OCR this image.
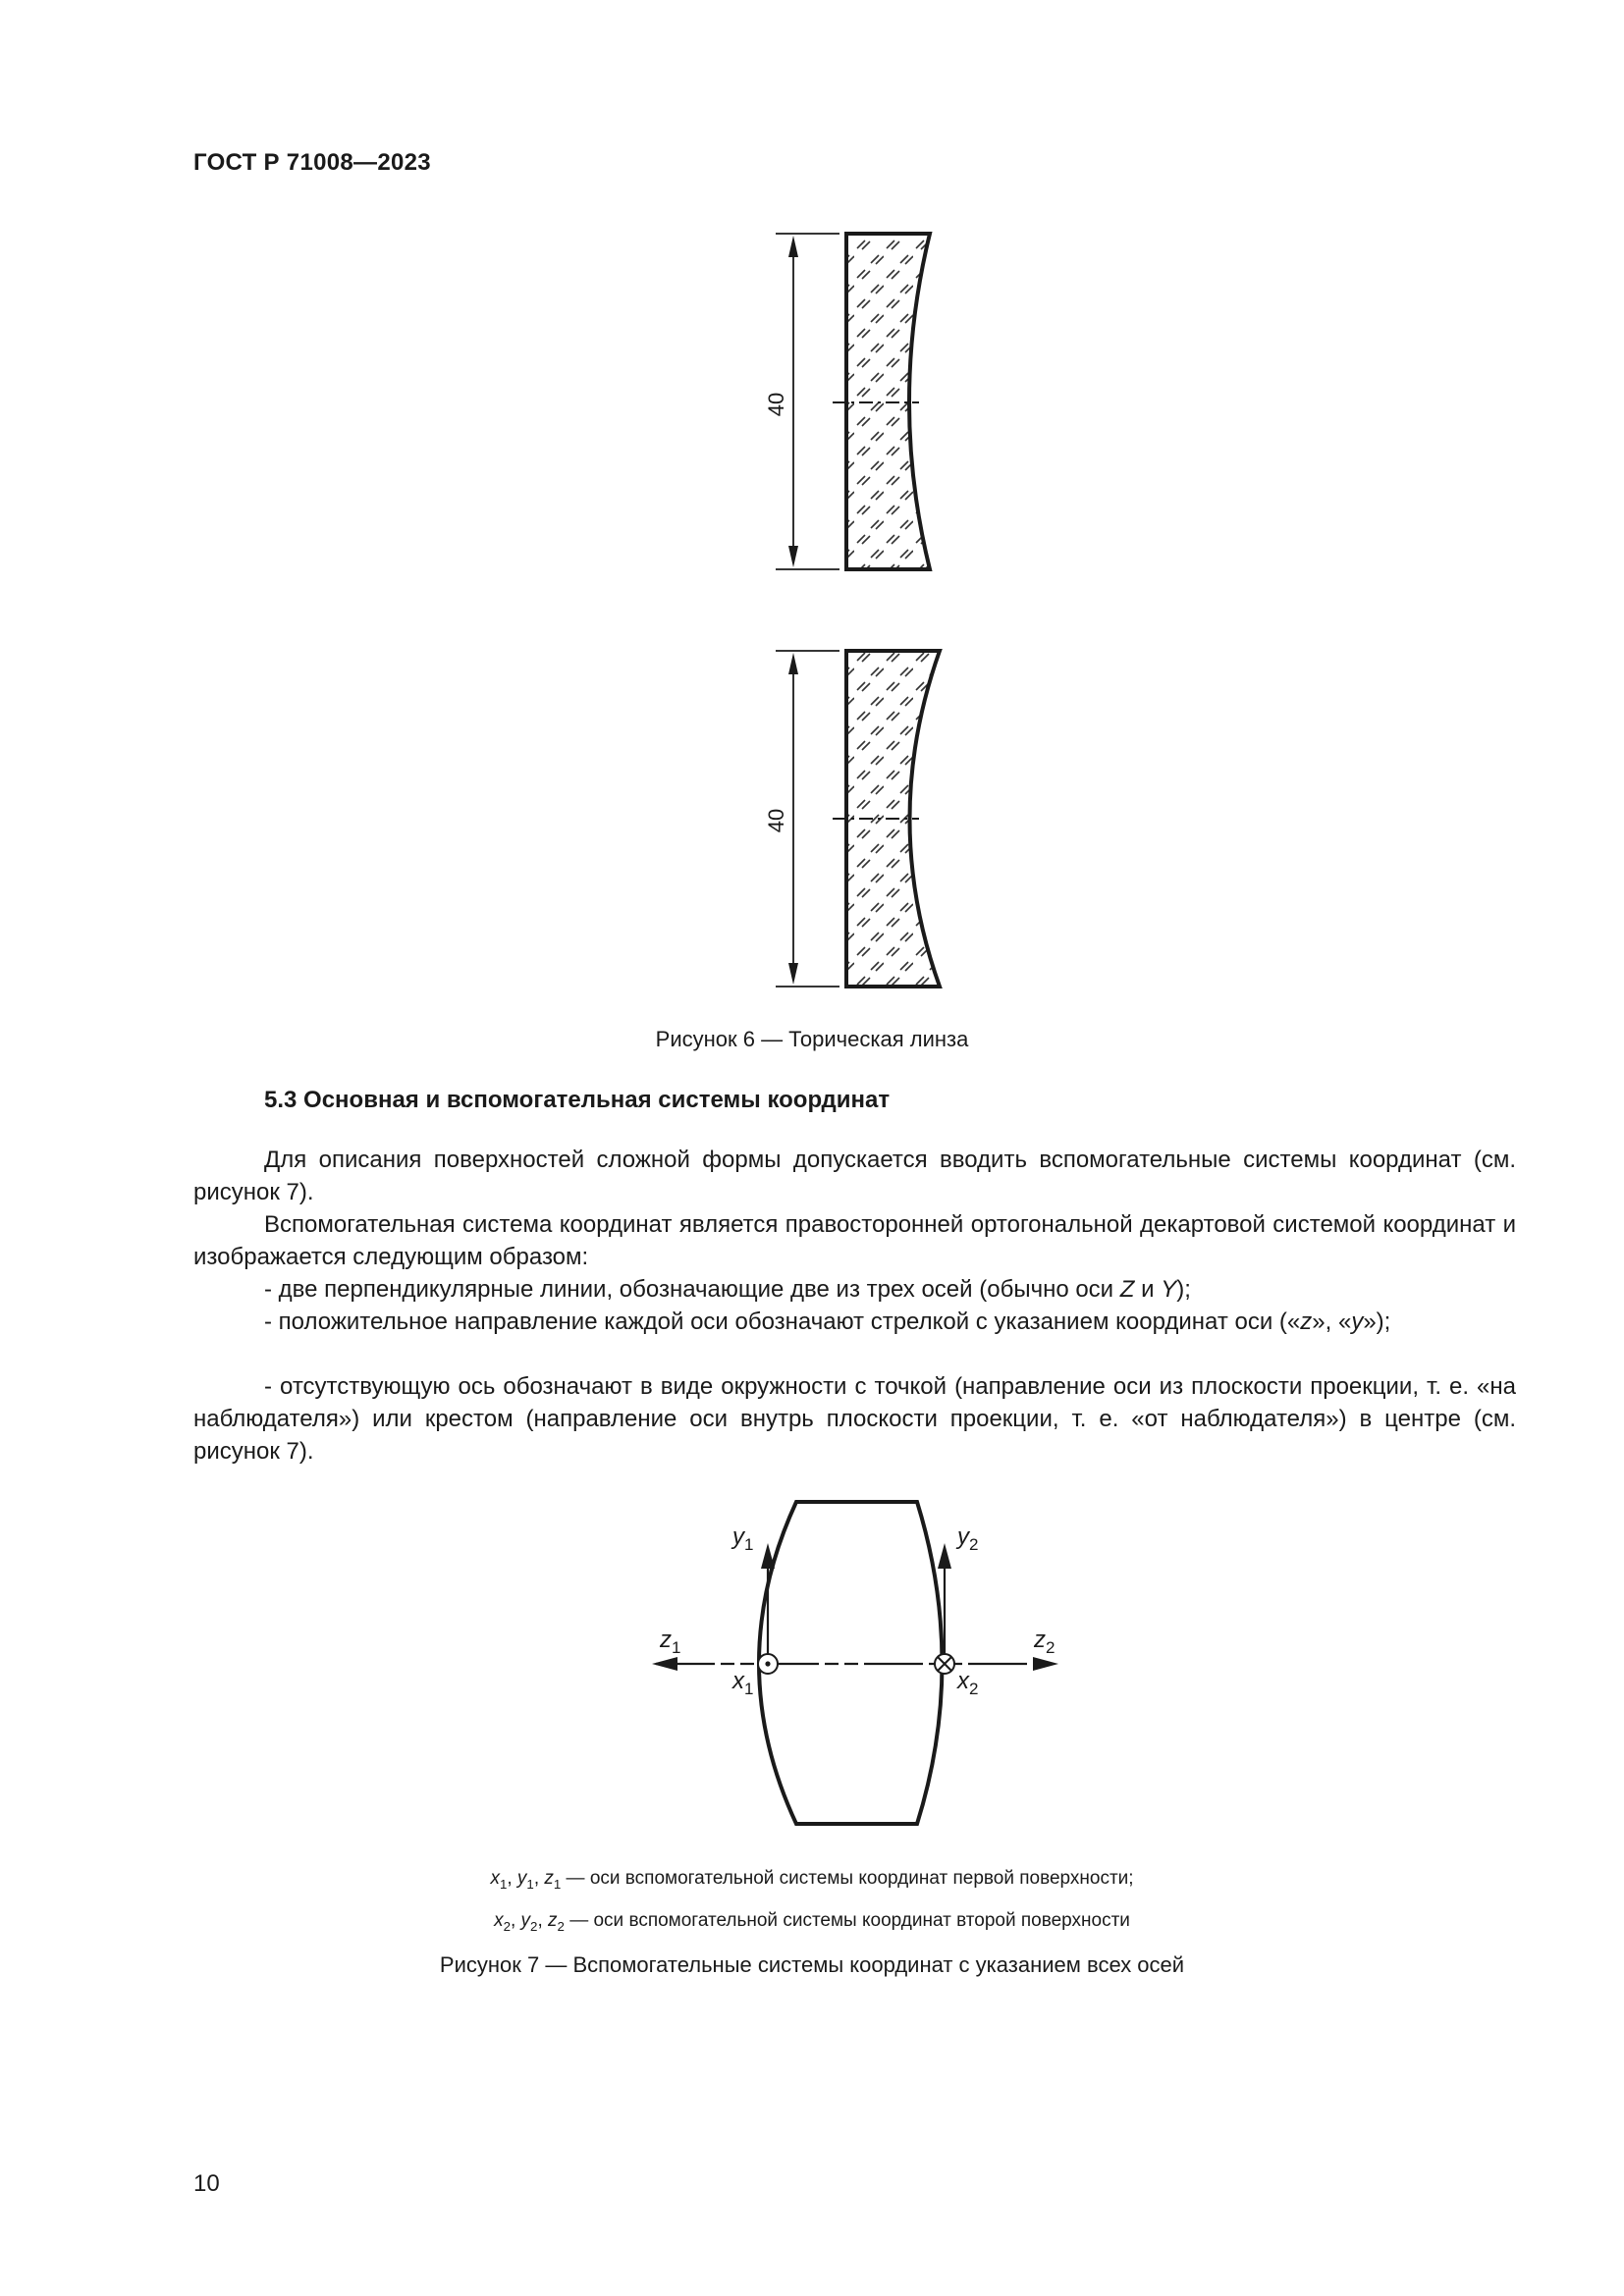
ГОСТ Р 71008—2023
40
40
Рисунок 6 — Торическая линза
5.3 Основная и вспомогательная системы координат
Для описания поверхностей сложной формы допускается вводить вспомогательные системы координат (см. рисунок 7).
Вспомогательная система координат является правосторонней ортогональной декартовой системой координат и изображается следующим образом:
- две перпендикулярные линии, обозначающие две из трех осей (обычно оси Z и Y);
- положительное направление каждой оси обозначают стрелкой с указанием координат оси («z», «y»);
- отсутствующую ось обозначают в виде окружности с точкой (направление оси из плоскости проекции, т. е. «на наблюдателя») или крестом (направление оси внутрь плоскости проекции, т. е. «от наблюдателя») в центре (см. рисунок 7).
$y_1$	$y_2$
$z_1$	$z_2$
$x_1$	$x_2$
$x_1$, $y_1$, $z_1$ — оси вспомогательной системы координат первой поверхности;
$x_2$, $y_2$, $z_2$ — оси вспомогательной системы координат второй поверхности
Рисунок 7 — Вспомогательные системы координат с указанием всех осей
10
